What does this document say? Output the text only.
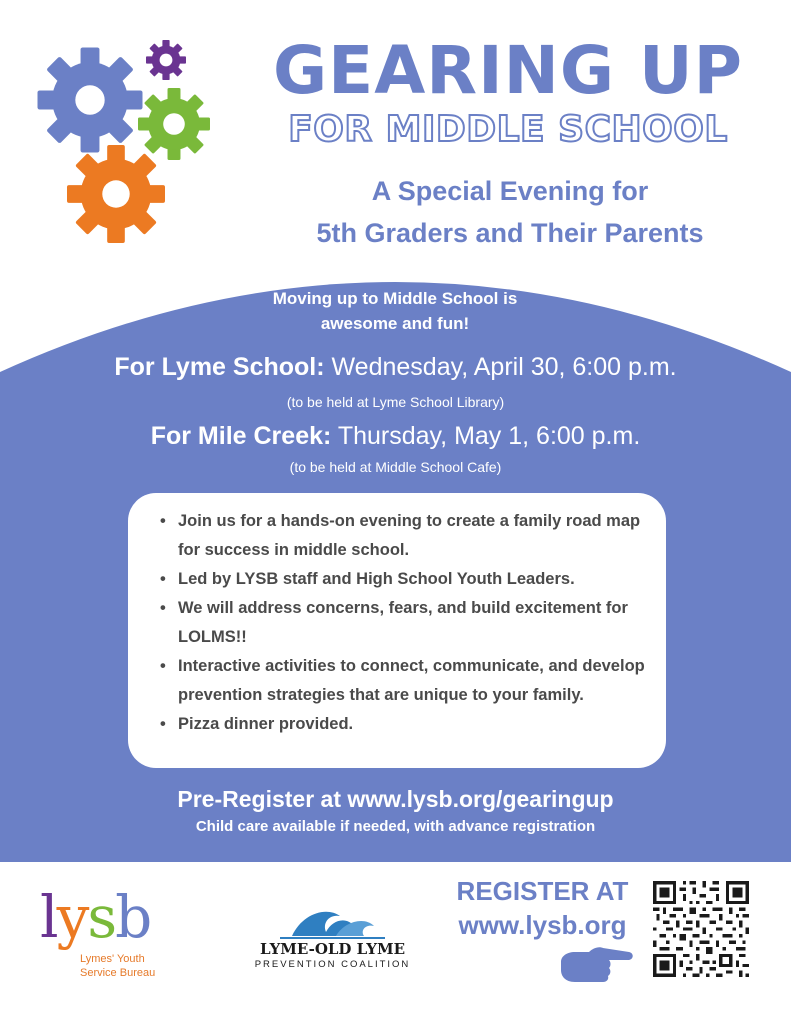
GEARING UP
FOR MIDDLE SCHOOL
A Special Evening for
5th Graders and Their Parents
Moving up to Middle School is
awesome and fun!
For Lyme School: Wednesday, April 30, 6:00 p.m.
(to be held at Lyme School Library)
For Mile Creek: Thursday, May 1, 6:00 p.m.
(to be held at Middle School Cafe)
• Join us for a hands-on evening to create a family road map for success in middle school.
• Led by LYSB staff and High School Youth Leaders.
• We will address concerns, fears, and build excitement for LOLMS!!
• Interactive activities to connect, communicate, and develop prevention strategies that are unique to your family.
• Pizza dinner provided.
Pre-Register at www.lysb.org/gearingup
Child care available if needed, with advance registration
lysb
Lymes' Youth
Service Bureau
LYME-OLD LYME
PREVENTION COALITION
REGISTER AT
www.lysb.org
